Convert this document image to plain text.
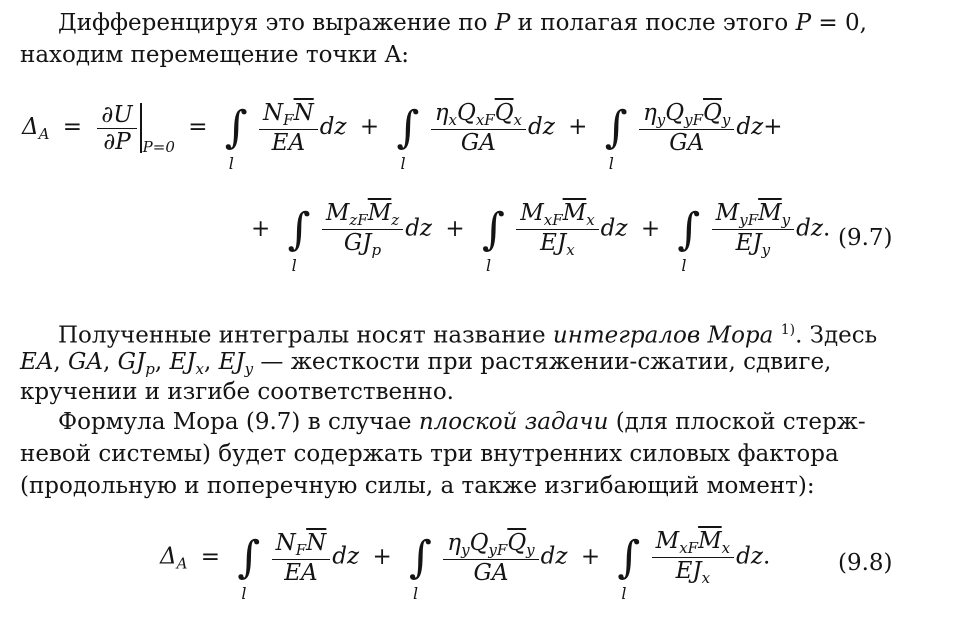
Дифференцируя это выражение по P и полагая после этого P = 0,
находим перемещение точки A:
$\Delta_A = \frac{\partial U}{\partial P} _{P=0}$ = ∫
l

$\frac{N_F\overline{N}}{EA}$ dz + ∫
l

$\frac{\eta_xQ_{xF}\overline{Q}_x}{GA}$ dz + ∫
l

$\frac{\eta_yQ_{yF}\overline{Q}_y}{GA} dz+$
+ ∫
l

$\frac{M_{zF}\overline{M}_z}{GJ_p}$ dz + ∫
l

$\frac{M_{xF}\overline{M}_x}{EJ_x}$ dz + ∫
l

$\frac{M_{yF}\overline{M}_y}{EJ_y}$ dz. (9.7)
Полученные интегралы носят название интегралов Мора $^{1)}$. Здесь
EA, GA, $GJ_p$, $EJ_x$, $EJ_y$ — жесткости при растяжении-сжатии, сдвиге,
кручении и изгибе соответственно.
Формула Мора (9.7) в случае плоской задачи (для плоской стерж-
невой системы) будет содержать три внутренних силовых фактора
(продольную и поперечную силы, а также изгибающий момент):
$\Delta_A$ = ∫
l

$\frac{N_F\overline{N}}{EA}$ dz + ∫
l

$\frac{\eta_yQ_{yF}\overline{Q}_y}{GA}$ dz + ∫
l

$\frac{M_{xF}\overline{M}_x}{EJ_x}$ dz.	(9.8)
